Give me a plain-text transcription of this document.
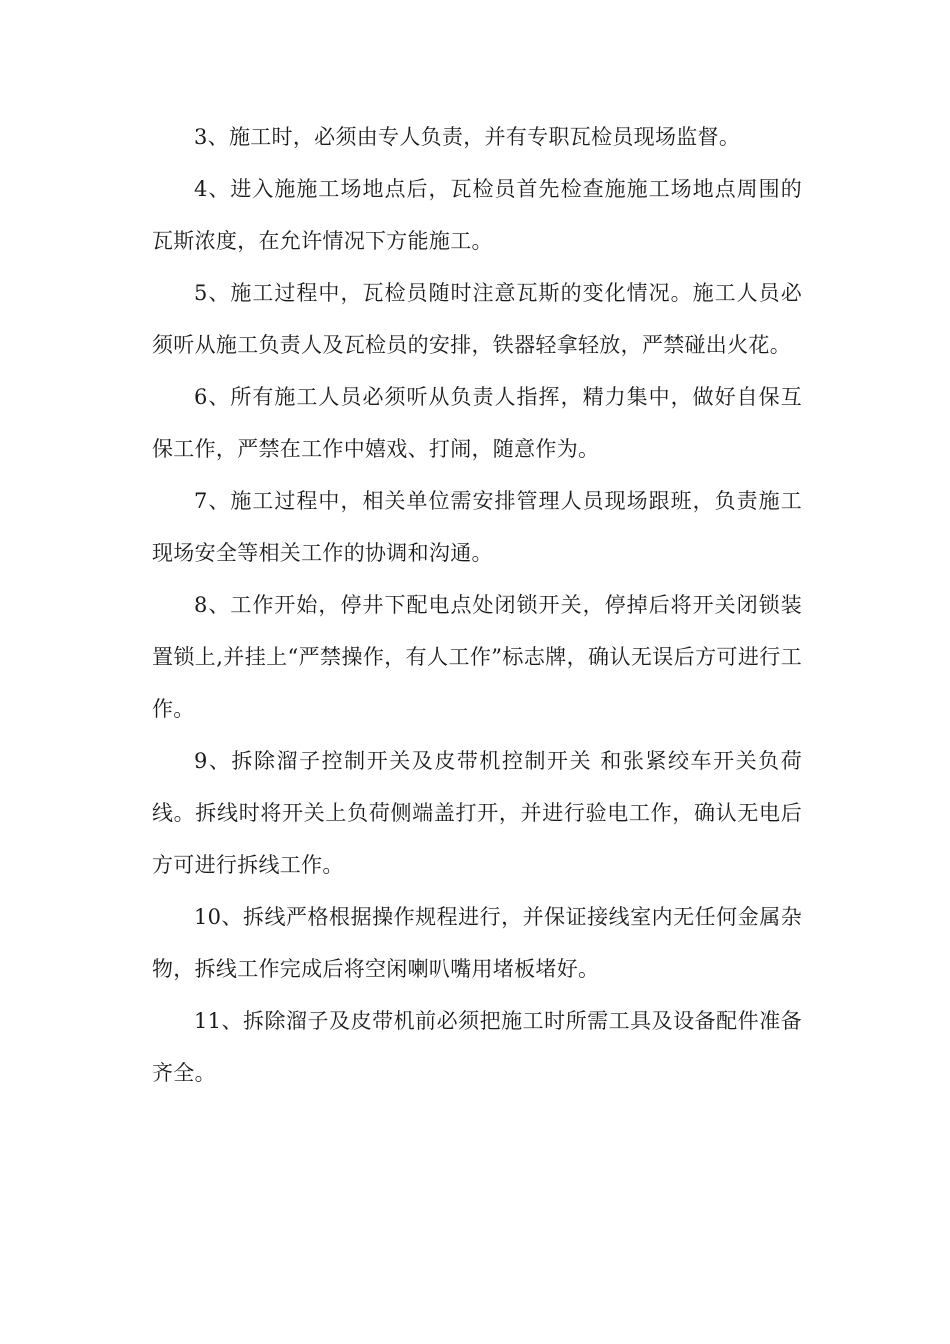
3、施工时，必须由专人负责，并有专职瓦检员现场监督。

4、进入施施工场地点后，瓦检员首先检查施施工场地点周围的瓦斯浓度，在允许情况下方能施工。

5、施工过程中，瓦检员随时注意瓦斯的变化情况。施工人员必须听从施工负责人及瓦检员的安排，铁器轻拿轻放，严禁碰出火花。

6、所有施工人员必须听从负责人指挥，精力集中，做好自保互保工作，严禁在工作中嬉戏、打闹，随意作为。

7、施工过程中，相关单位需安排管理人员现场跟班，负责施工现场安全等相关工作的协调和沟通。

8、工作开始，停井下配电点处闭锁开关，停掉后将开关闭锁装置锁上,并挂上“严禁操作，有人工作”标志牌，确认无误后方可进行工作。

9、拆除溜子控制开关及皮带机控制开关 和张紧绞车开关负荷线。拆线时将开关上负荷侧端盖打开，并进行验电工作，确认无电后方可进行拆线工作。

10、拆线严格根据操作规程进行，并保证接线室内无任何金属杂物，拆线工作完成后将空闲喇叭嘴用堵板堵好。

11、拆除溜子及皮带机前必须把施工时所需工具及设备配件准备齐全。
